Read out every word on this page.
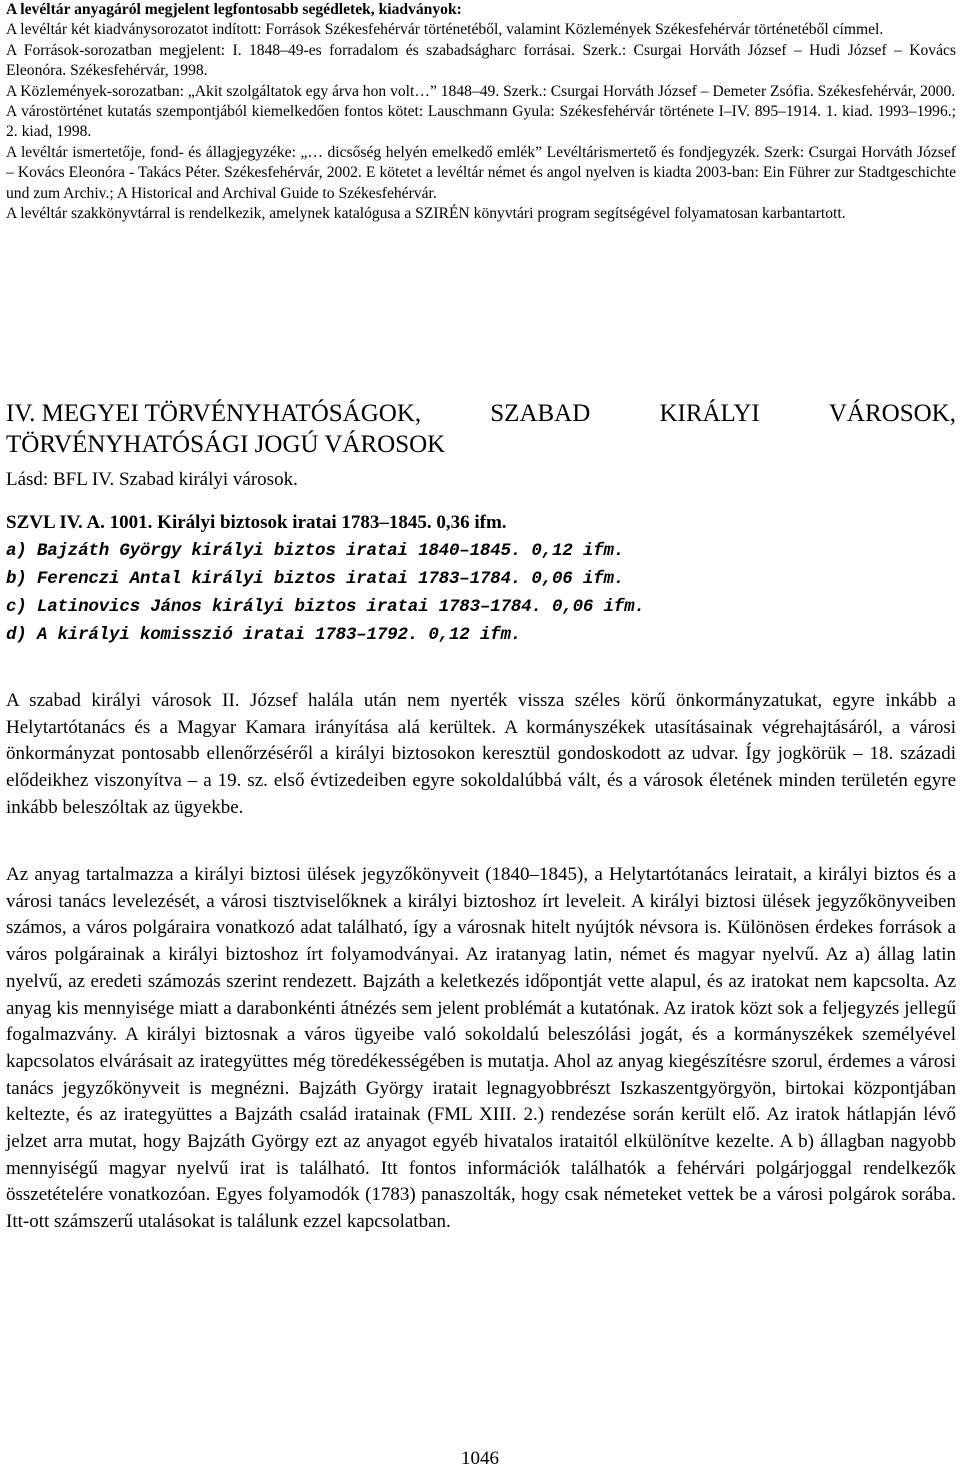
A levéltár anyagáról megjelent legfontosabb segédletek, kiadványok:

A levéltár két kiadványsorozatot indított: Források Székesfehérvár történetéből, valamint Közlemények Székesfehérvár történetéből címmel.

A Források-sorozatban megjelent: I. 1848–49-es forradalom és szabadságharc forrásai. Szerk.: Csurgai Horváth József – Hudi József – Kovács Eleonóra. Székesfehérvár, 1998.

A Közlemények-sorozatban: „Akit szolgáltatok egy árva hon volt…” 1848–49. Szerk.: Csurgai Horváth József – Demeter Zsófia. Székesfehérvár, 2000.

A várostörténet kutatás szempontjából kiemelkedően fontos kötet: Lauschmann Gyula: Székesfehérvár története I–IV. 895–1914. 1. kiad. 1993–1996.; 2. kiad, 1998.

A levéltár ismertetője, fond- és állagjegyzéke: „… dicsőség helyén emelkedő emlék” Levéltárismertető és fondjegyzék. Szerk: Csurgai Horváth József – Kovács Eleonóra - Takács Péter. Székesfehérvár, 2002. E kötetet a levéltár német és angol nyelven is kiadta 2003-ban: Ein Führer zur Stadtgeschichte und zum Archiv.; A Historical and Archival Guide to Székesfehérvár.

A levéltár szakkönyvtárral is rendelkezik, amelynek katalógusa a SZIRÉN könyvtári program segítségével folyamatosan karbantartott.

IV. MEGYEI TÖRVÉNYHATÓSÁGOK,	SZABAD	KIRÁLYI	VÁROSOK,
TÖRVÉNYHATÓSÁGI JOGÚ VÁROSOK

Lásd: BFL IV. Szabad királyi városok.

SZVL IV. A. 1001. Királyi biztosok iratai 1783–1845. 0,36 ifm.
a) Bajzáth György királyi biztos iratai 1840–1845. 0,12 ifm.
b) Ferenczi Antal királyi biztos iratai 1783–1784. 0,06 ifm.
c) Latinovics János királyi biztos iratai 1783–1784. 0,06 ifm.
d) A királyi komisszió iratai 1783–1792. 0,12 ifm.

A szabad királyi városok II. József halála után nem nyerték vissza széles körű önkormányzatukat, egyre inkább a Helytartótanács és a Magyar Kamara irányítása alá kerültek. A kormányszékek utasításainak végrehajtásáról, a városi önkormányzat pontosabb ellenőrzéséről a királyi biztosokon keresztül gondoskodott az udvar. Így jogkörük – 18. századi elődeikhez viszonyítva – a 19. sz. első évtizedeiben egyre sokoldalúbbá vált, és a városok életének minden területén egyre inkább beleszóltak az ügyekbe.

Az anyag tartalmazza a királyi biztosi ülések jegyzőkönyveit (1840–1845), a Helytartótanács leiratait, a királyi biztos és a városi tanács levelezését, a városi tisztviselőknek a királyi biztoshoz írt leveleit. A királyi biztosi ülések jegyzőkönyveiben számos, a város polgáraira vonatkozó adat található, így a városnak hitelt nyújtók névsora is. Különösen érdekes források a város polgárainak a királyi biztoshoz írt folyamodványai. Az iratanyag latin, német és magyar nyelvű. Az a) állag latin nyelvű, az eredeti számozás szerint rendezett. Bajzáth a keletkezés időpontját vette alapul, és az iratokat nem kapcsolta. Az anyag kis mennyisége miatt a darabonkénti átnézés sem jelent problémát a kutatónak. Az iratok közt sok a feljegyzés jellegű fogalmazvány. A királyi biztosnak a város ügyeibe való sokoldalú beleszólási jogát, és a kormányszékek személyével kapcsolatos elvárásait az irategyüttes még töredékességében is mutatja. Ahol az anyag kiegészítésre szorul, érdemes a városi tanács jegyzőkönyveit is megnézni. Bajzáth György iratait legnagyobbrészt Iszkaszentgyörgyön, birtokai központjában keltezte, és az irategyüttes a Bajzáth család iratainak (FML XIII. 2.) rendezése során került elő. Az iratok hátlapján lévő jelzet arra mutat, hogy Bajzáth György ezt az anyagot egyéb hivatalos irataitól elkülönítve kezelte. A b) állagban nagyobb mennyiségű magyar nyelvű irat is található. Itt fontos információk találhatók a fehérvári polgárjoggal rendelkezők összetételére vonatkozóan. Egyes folyamodók (1783) panaszolták, hogy csak németeket vettek be a városi polgárok sorába. Itt-ott számszerű utalásokat is találunk ezzel kapcsolatban.

1046
